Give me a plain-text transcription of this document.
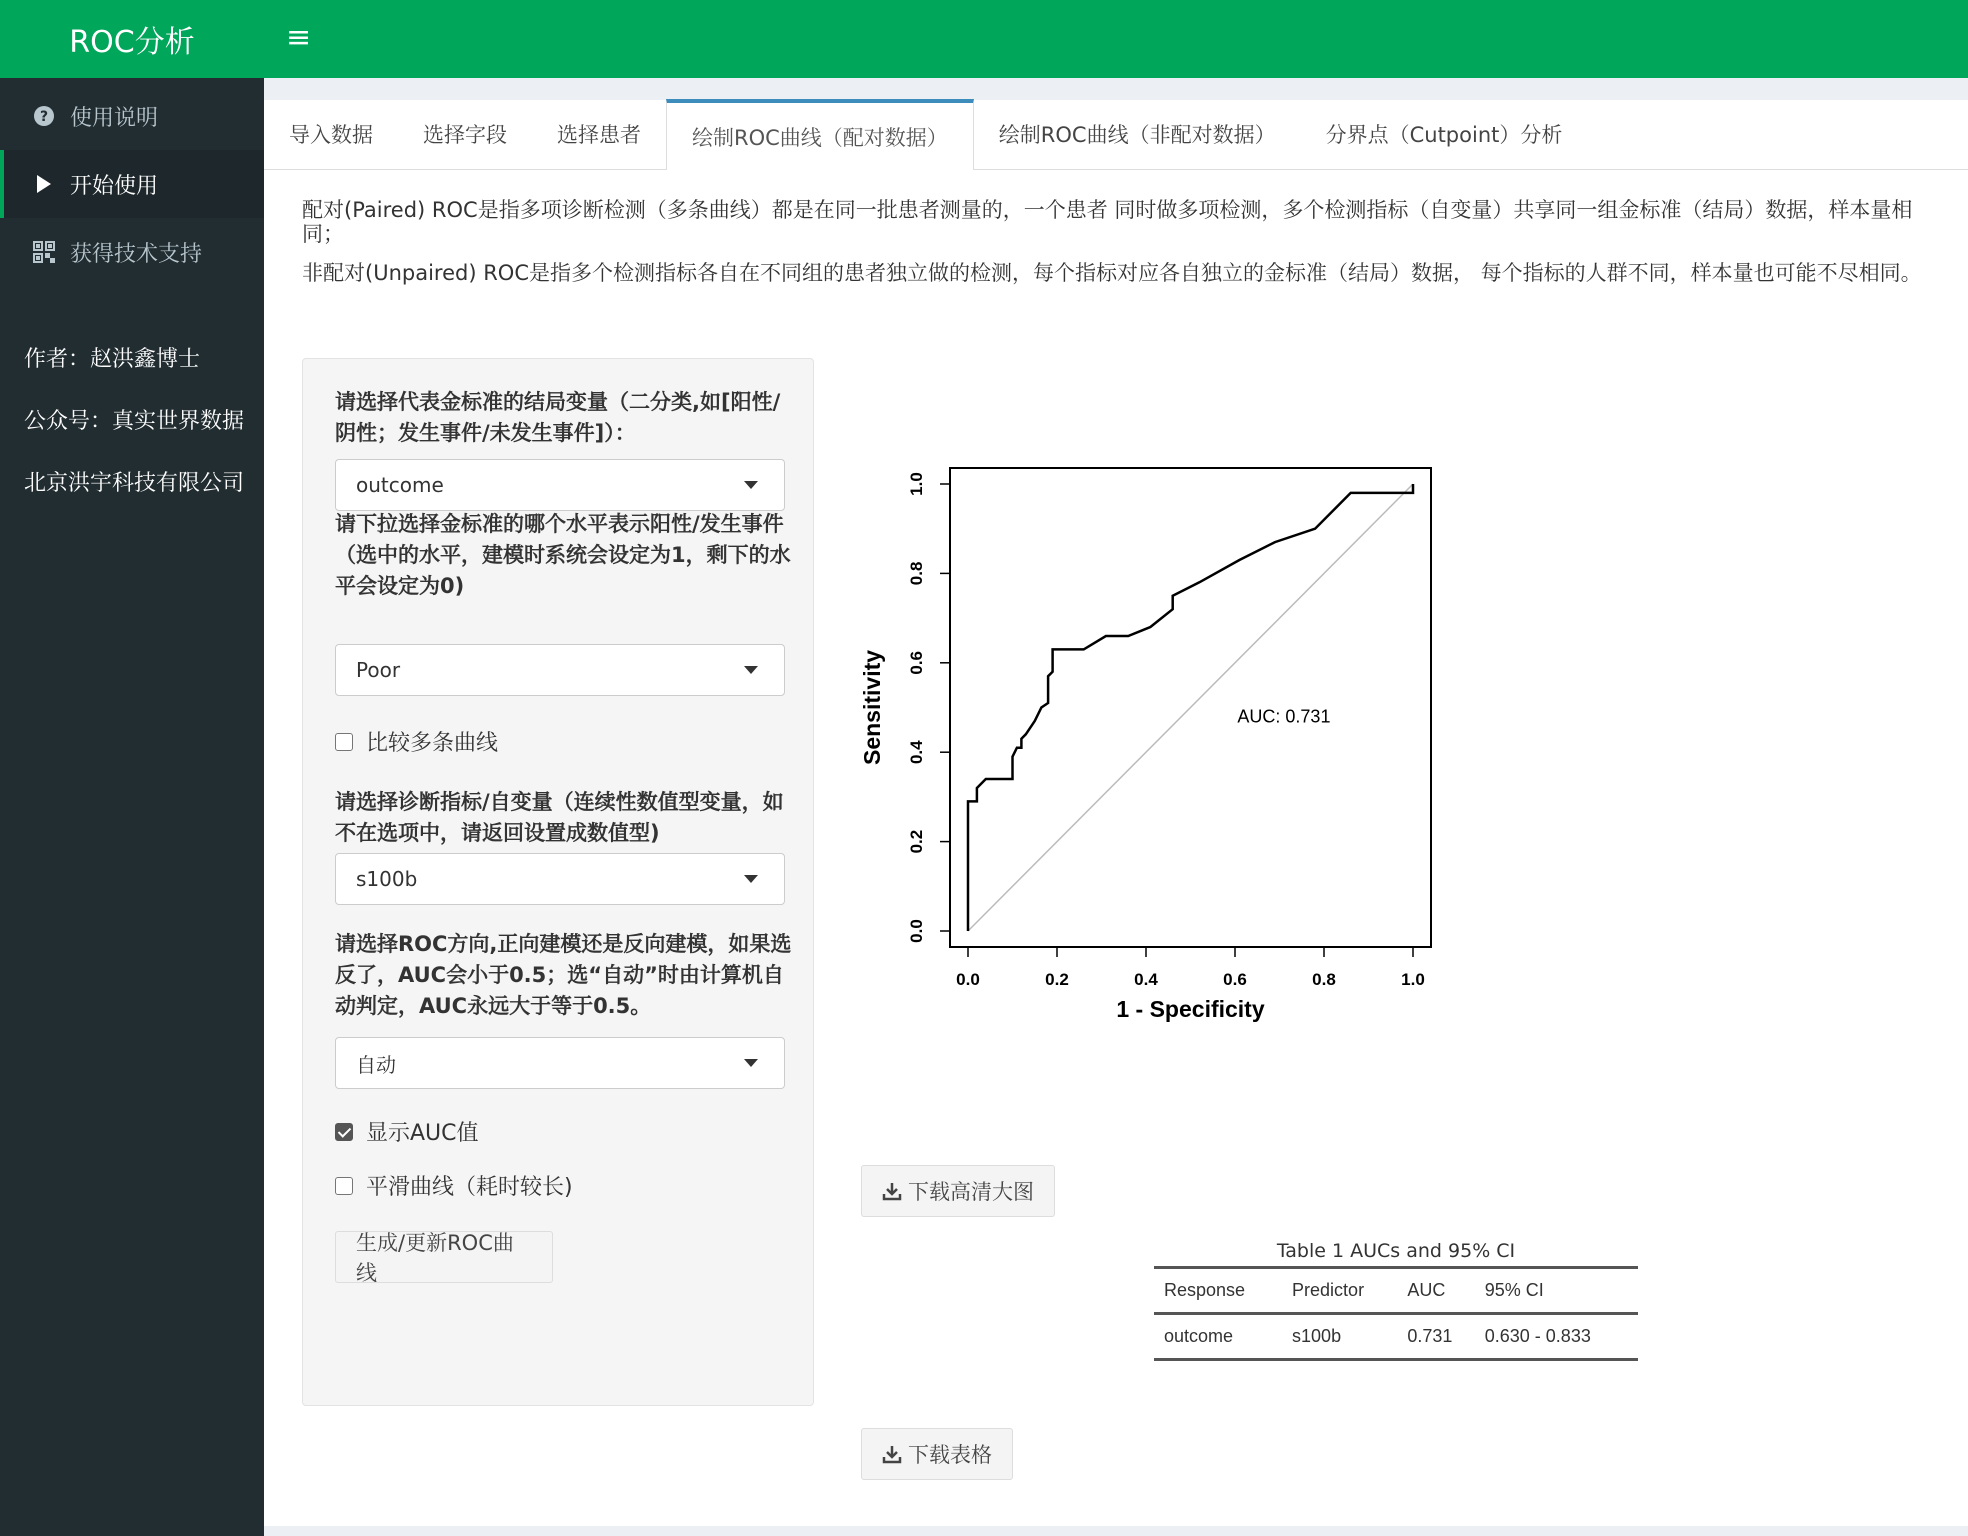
ROC分析
? 使用说明
开始使用
获得技术支持
作者：赵洪鑫博士
公众号：真实世界数据
北京洪宇科技有限公司
≡
导入数据	选择字段	选择患者	绘制ROC曲线（配对数据）	绘制ROC曲线（非配对数据）	分界点（Cutpoint）分析
配对(Paired) ROC是指多项诊断检测（多条曲线）都是在同一批患者测量的，一个患者 同时做多项检测，多个检测指标（自变量）共享同一组金标准（结局）数据，样本量相同；
非配对(Unpaired) ROC是指多个检测指标各自在不同组的患者独立做的检测，每个指标对应各自独立的金标准（结局）数据， 每个指标的人群不同，样本量也可能不尽相同。
请选择代表金标准的结局变量（二分类,如[阳性/阴性；发生事件/未发生事件]）：
outcome
请下拉选择金标准的哪个水平表示阳性/发生事件（选中的水平，建模时系统会设定为1，剩下的水平会设定为0)
Poor
比较多条曲线
请选择诊断指标/自变量（连续性数值型变量，如不在选项中，请返回设置成数值型)
s100b
请选择ROC方向,正向建模还是反向建模，如果选反了，AUC会小于0.5；选“自动”时由计算机自动判定，AUC永远大于等于0.5。
自动
显示AUC值
平滑曲线（耗时较长)
生成/更新ROC曲线
0.0	0.2	0.4	0.6	0.8	1.0
0.0
0.2
0.4
0.6
0.8
1.0
1 - Specificity
Sensitivity	AUC: 0.731
下载高清大图
Table 1 AUCs and 95% CI
Response	Predictor	AUC	95% CI
outcome	s100b	0.731	0.630 - 0.833
下载表格
